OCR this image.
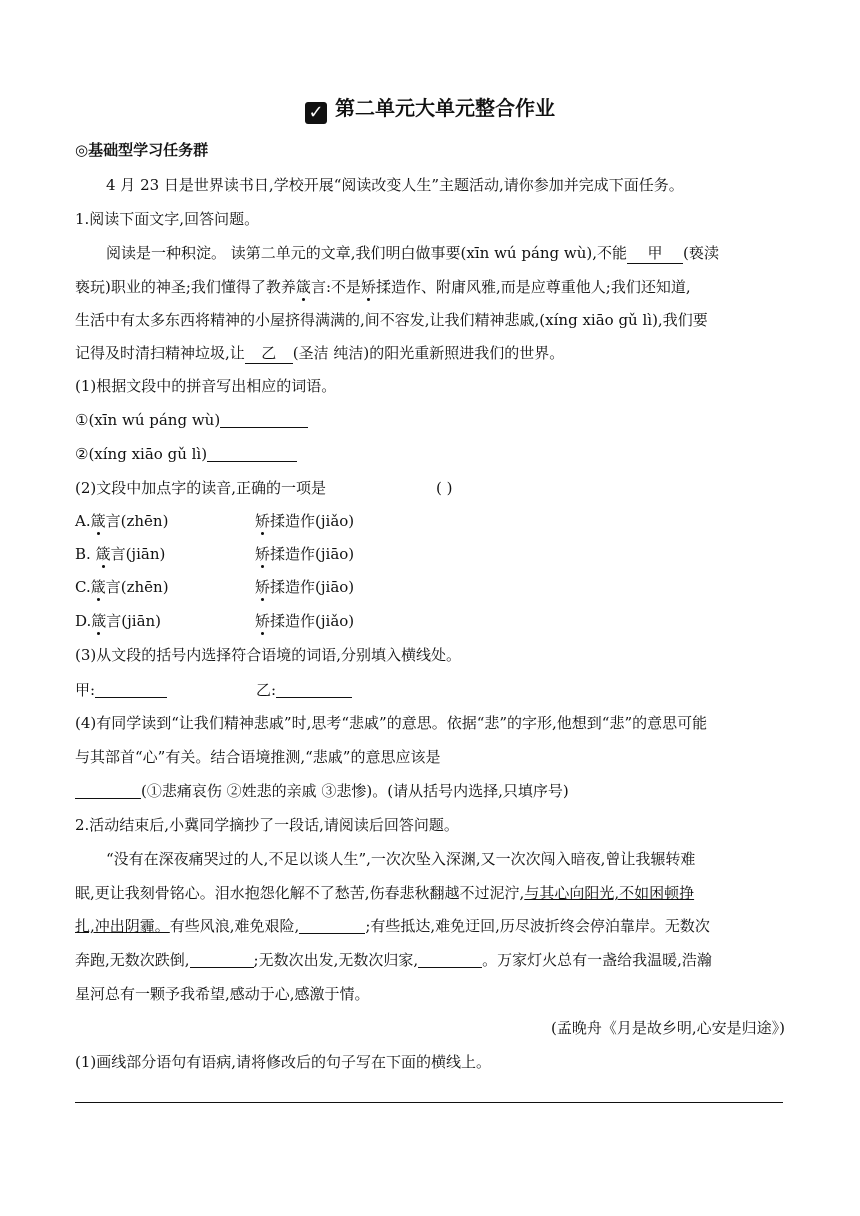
✓ 第二单元大单元整合作业
◎基础型学习任务群
4 月 23 日是世界读书日,学校开展“阅读改变人生”主题活动,请你参加并完成下面任务。
1.阅读下面文字,回答问题。
阅读是一种积淀。 读第二单元的文章,我们明白做事要(xīn wú páng wù),不能 甲 (亵渎
亵玩)职业的神圣;我们懂得了教养箴言:不是矫揉造作、附庸风雅,而是应尊重他人;我们还知道,
生活中有太多东西将精神的小屋挤得满满的,间不容发,让我们精神悲戚,(xíng xiāo gǔ lì),我们要
记得及时清扫精神垃圾,让 乙 (圣洁 纯洁)的阳光重新照进我们的世界。
(1)根据文段中的拼音写出相应的词语。
①(xīn wú páng wù)
②(xíng xiāo gǔ lì)
(2)文段中加点字的读音,正确的一项是	( )
A.箴言(zhēn)	矫揉造作(jiǎo)
B. 箴言(jiān)	矫揉造作(jiāo)
C.箴言(zhēn)	矫揉造作(jiāo)
D.箴言(jiān)	矫揉造作(jiǎo)
(3)从文段的括号内选择符合语境的词语,分别填入横线处。
甲:	乙:
(4)有同学读到“让我们精神悲戚”时,思考“悲戚”的意思。依据“悲”的字形,他想到“悲”的意思可能
与其部首“心”有关。结合语境推测,“悲戚”的意思应该是
(①悲痛哀伤 ②姓悲的亲戚 ③悲惨)。(请从括号内选择,只填序号)
2.活动结束后,小冀同学摘抄了一段话,请阅读后回答问题。
“没有在深夜痛哭过的人,不足以谈人生”,一次次坠入深渊,又一次次闯入暗夜,曾让我辗转难
眠,更让我刻骨铭心。泪水抱怨化解不了愁苦,伤春悲秋翻越不过泥泞,与其心向阳光,不如困顿挣
扎,冲出阴霾。有些风浪,难免艰险,	;有些抵达,难免迂回,历尽波折终会停泊靠岸。无数次
奔跑,无数次跌倒,	;无数次出发,无数次归家,	。万家灯火总有一盏给我温暖,浩瀚
星河总有一颗予我希望,感动于心,感激于情。
(孟晚舟《月是故乡明,心安是归途》)
(1)画线部分语句有语病,请将修改后的句子写在下面的横线上。
